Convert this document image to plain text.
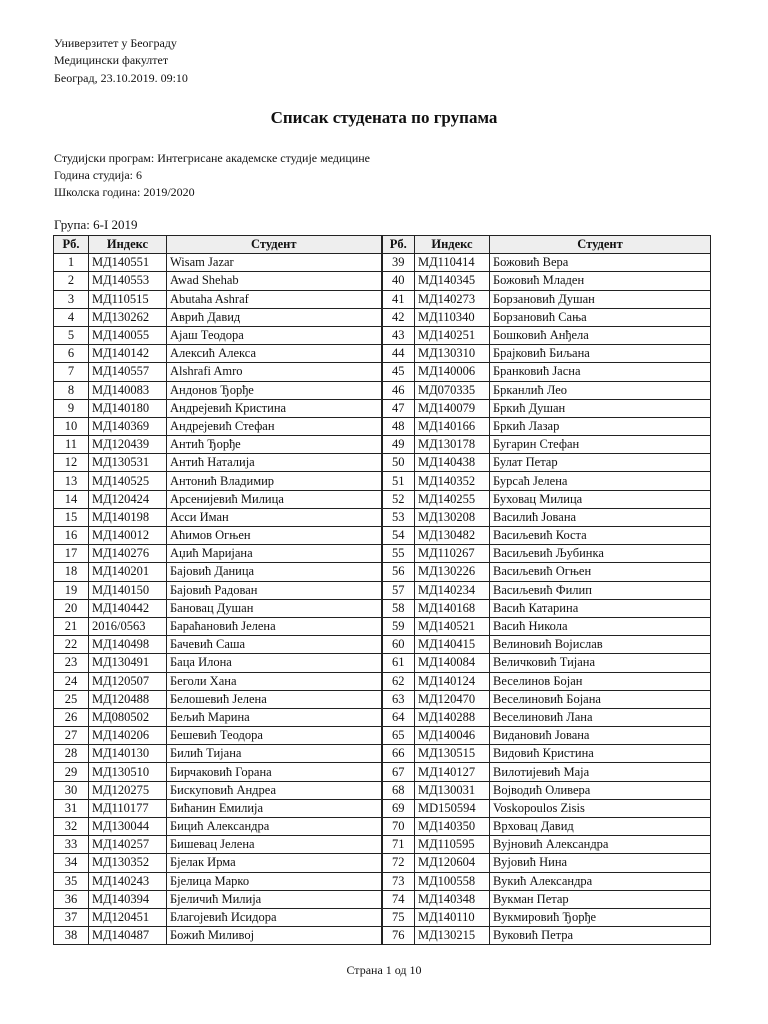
Универзитет у Београду
Медицински факултет
Београд, 23.10.2019. 09:10
Списак студената по групама
Студијски програм: Интегрисане академске студије медицине
Година студија: 6
Школска година: 2019/2020
Група: 6-I 2019
Рб.	Индекс	Студент	Рб.	Индекс	Студент
1	МД140551	Wisam Jazar	39	МД110414	Божовић Вера
2	МД140553	Awad Shehab	40	МД140345	Божовић Младен
3	МД110515	Abutaha Ashraf	41	МД140273	Борзановић Душан
4	МД130262	Аврић Давид	42	МД110340	Борзановић Сања
5	МД140055	Ајаш Теодора	43	МД140251	Бошковић Анђела
6	МД140142	Алексић Алекса	44	МД130310	Брајковић Биљана
7	МД140557	Alshrafi Amro	45	МД140006	Бранковић Јасна
8	МД140083	Андонов Ђорђе	46	МД070335	Брканлић Лео
9	МД140180	Андрејевић Кристина	47	МД140079	Бркић Душан
10	МД140369	Андрејевић Стефан	48	МД140166	Бркић Лазар
11	МД120439	Антић Ђорђе	49	МД130178	Бугарин Стефан
12	МД130531	Антић Наталија	50	МД140438	Булат Петар
13	МД140525	Антонић Владимир	51	МД140352	Бурсаћ Јелена
14	МД120424	Арсенијевић Милица	52	МД140255	Буховац Милица
15	МД140198	Асси Иман	53	МД130208	Василић Јована
16	МД140012	Аћимов Огњен	54	МД130482	Васиљевић Коста
17	МД140276	Аџић Маријана	55	МД110267	Васиљевић Љубинка
18	МД140201	Бајовић Даница	56	МД130226	Васиљевић Огњен
19	МД140150	Бајовић Радован	57	МД140234	Васиљевић Филип
20	МД140442	Бановац Душан	58	МД140168	Васић Катарина
21	2016/0563	Бараћановић Јелена	59	МД140521	Васић Никола
22	МД140498	Бачевић Саша	60	МД140415	Велиновић Војислав
23	МД130491	Баца Илона	61	МД140084	Величковић Тијана
24	МД120507	Беголи Хана	62	МД140124	Веселинов Бојан
25	МД120488	Белошевић Јелена	63	МД120470	Веселиновић Бојана
26	МД080502	Бељић Марина	64	МД140288	Веселиновић Лана
27	МД140206	Бешевић Теодора	65	МД140046	Видановић Јована
28	МД140130	Билић Тијана	66	МД130515	Видовић Кристина
29	МД130510	Бирчаковић Горана	67	МД140127	Вилотијевић Маја
30	МД120275	Бискуповић Андреа	68	МД130031	Војводић Оливера
31	МД110177	Бићанин Емилија	69	MD150594	Voskopoulos Zisis
32	МД130044	Бицић Александра	70	МД140350	Врховац Давид
33	МД140257	Бишевац Јелена	71	МД110595	Вујновић Александра
34	МД130352	Бјелак Ирма	72	МД120604	Вујовић Нина
35	МД140243	Бјелица Марко	73	МД100558	Вукић Александра
36	МД140394	Бјеличић Милија	74	МД140348	Вукман Петар
37	МД120451	Благојевић Исидора	75	МД140110	Вукмировић Ђорђе
38	МД140487	Божић Миливој	76	МД130215	Вуковић Петра
Страна 1 од 10
